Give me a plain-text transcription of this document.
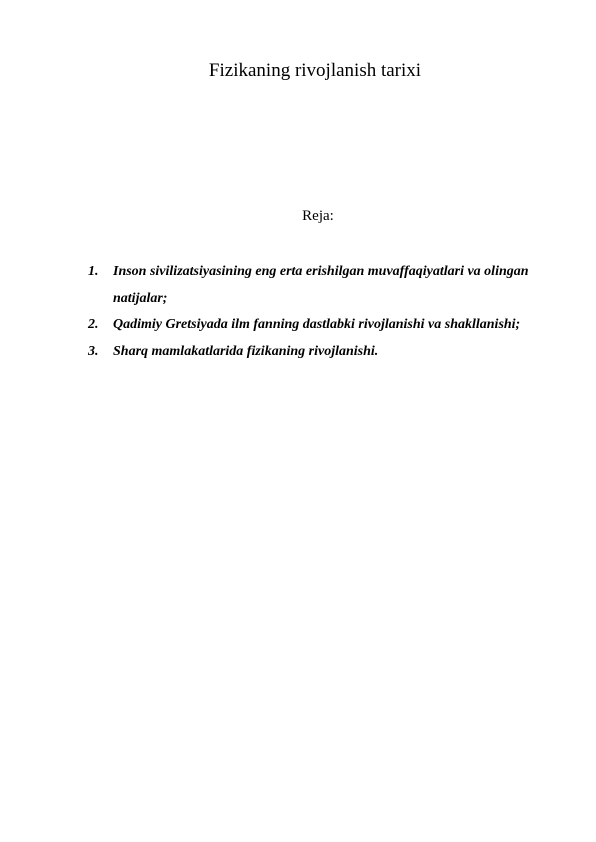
Fizikaning rivojlanish tarixi
Reja:
1.	Inson sivilizatsiyasining eng erta erishilgan muvaffaqiyatlari va olingan natijalar;
2.	Qadimiy Gretsiyada ilm fanning dastlabki rivojlanishi va shakllanishi;
3.	Sharq mamlakatlarida fizikaning rivojlanishi.
